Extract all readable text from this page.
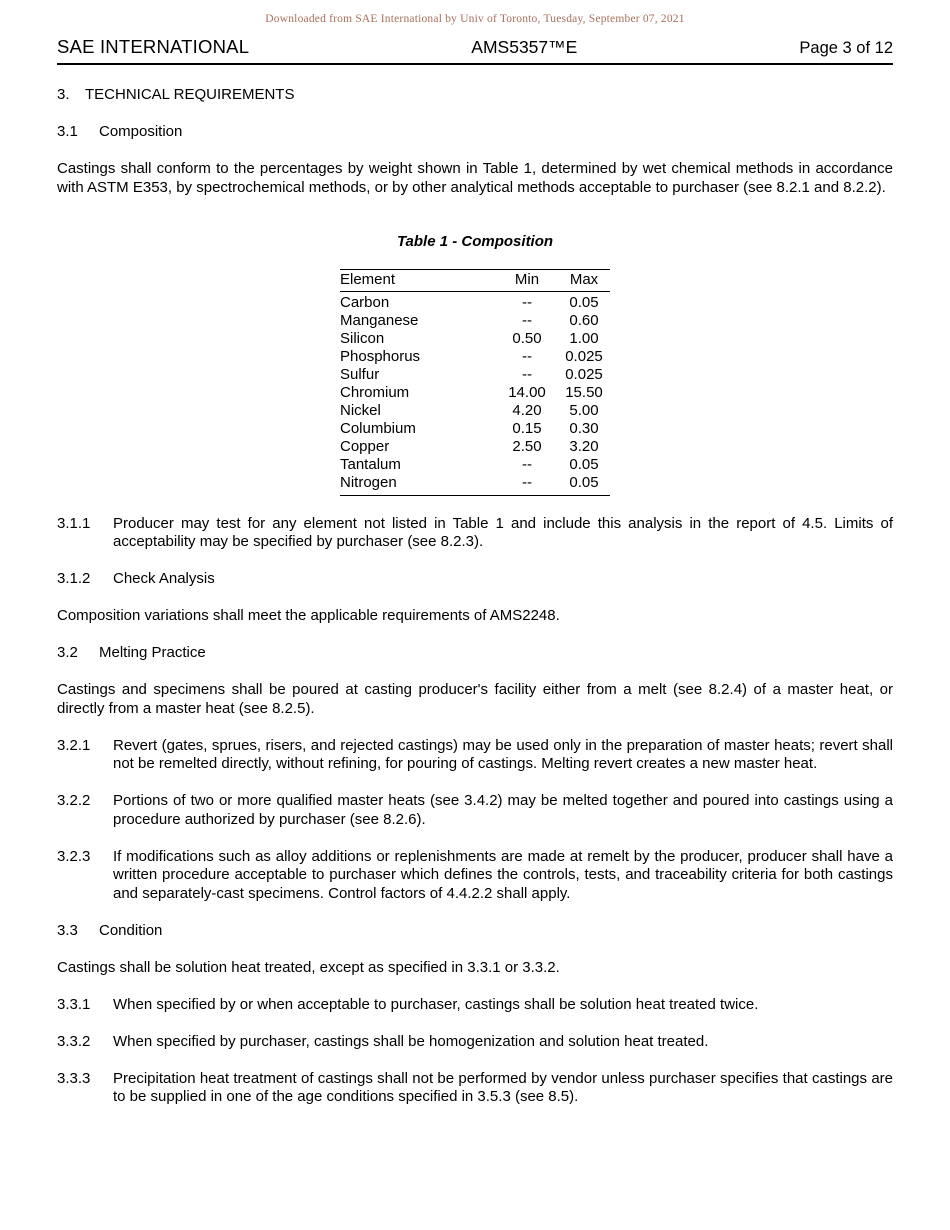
Downloaded from SAE International by Univ of Toronto, Tuesday, September 07, 2021
SAE INTERNATIONAL	AMS5357™E	Page 3 of 12
3.	TECHNICAL REQUIREMENTS
3.1	Composition
Castings shall conform to the percentages by weight shown in Table 1, determined by wet chemical methods in accordance with ASTM E353, by spectrochemical methods, or by other analytical methods acceptable to purchaser (see 8.2.1 and 8.2.2).
Table 1 - Composition
Element	Min	Max
Carbon	--	0.05
Manganese	--	0.60
Silicon	0.50	1.00
Phosphorus	--	0.025
Sulfur	--	0.025
Chromium	14.00	15.50
Nickel	4.20	5.00
Columbium	0.15	0.30
Copper	2.50	3.20
Tantalum	--	0.05
Nitrogen	--	0.05
3.1.1	Producer may test for any element not listed in Table 1 and include this analysis in the report of 4.5. Limits of acceptability may be specified by purchaser (see 8.2.3).
3.1.2	Check Analysis
Composition variations shall meet the applicable requirements of AMS2248.
3.2	Melting Practice
Castings and specimens shall be poured at casting producer's facility either from a melt (see 8.2.4) of a master heat, or directly from a master heat (see 8.2.5).
3.2.1	Revert (gates, sprues, risers, and rejected castings) may be used only in the preparation of master heats; revert shall not be remelted directly, without refining, for pouring of castings. Melting revert creates a new master heat.
3.2.2	Portions of two or more qualified master heats (see 3.4.2) may be melted together and poured into castings using a procedure authorized by purchaser (see 8.2.6).
3.2.3	If modifications such as alloy additions or replenishments are made at remelt by the producer, producer shall have a written procedure acceptable to purchaser which defines the controls, tests, and traceability criteria for both castings and separately-cast specimens. Control factors of 4.4.2.2 shall apply.
3.3	Condition
Castings shall be solution heat treated, except as specified in 3.3.1 or 3.3.2.
3.3.1	When specified by or when acceptable to purchaser, castings shall be solution heat treated twice.
3.3.2	When specified by purchaser, castings shall be homogenization and solution heat treated.
3.3.3	Precipitation heat treatment of castings shall not be performed by vendor unless purchaser specifies that castings are to be supplied in one of the age conditions specified in 3.5.3 (see 8.5).
